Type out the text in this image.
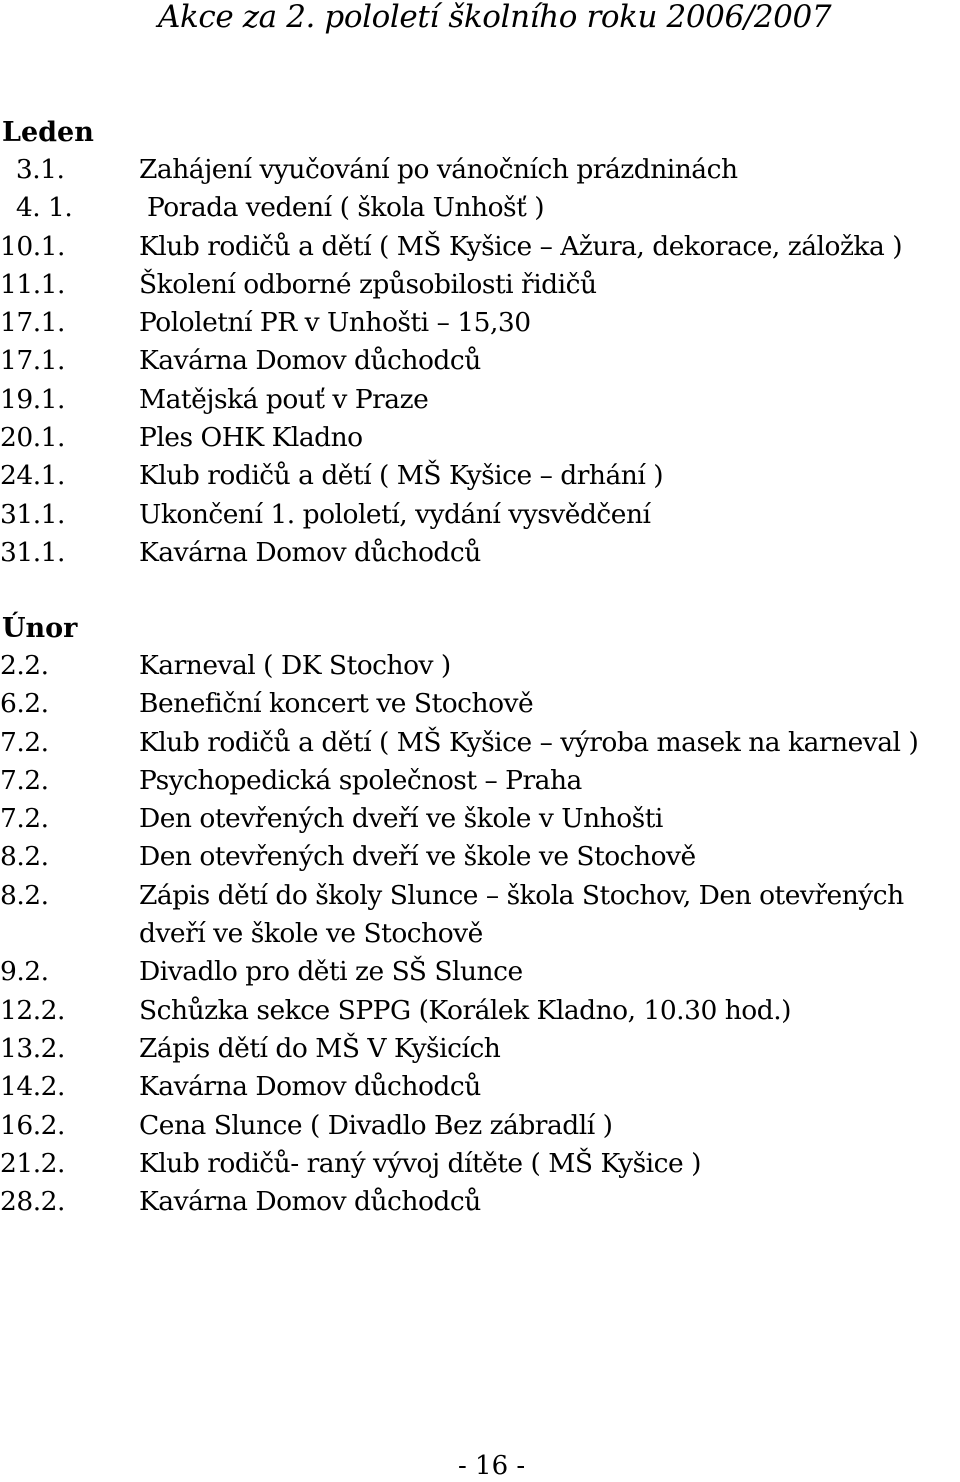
Akce za 2. pololetí školního roku 2006/2007
Leden
3.1.	Zahájení vyučování po vánočních prázdninách
4. 1.	Porada vedení ( škola Unhošť )
10.1.	Klub rodičů a dětí ( MŠ Kyšice – Ažura, dekorace, záložka )
11.1.	Školení odborné způsobilosti řidičů
17.1.	Pololetní PR v Unhošti – 15,30
17.1.	Kavárna Domov důchodců
19.1.	Matějská pouť v Praze
20.1.	Ples OHK Kladno
24.1.	Klub rodičů a dětí ( MŠ Kyšice – drhání )
31.1.	Ukončení 1. pololetí, vydání vysvědčení
31.1.	Kavárna Domov důchodců
Únor
2.2.	Karneval ( DK Stochov )
6.2.	Benefiční koncert ve Stochově
7.2.	Klub rodičů a dětí ( MŠ Kyšice – výroba masek na karneval )
7.2.	Psychopedická společnost – Praha
7.2.	Den otevřených dveří ve škole v Unhošti
8.2.	Den otevřených dveří ve škole ve Stochově
8.2.	Zápis dětí do školy Slunce – škola Stochov, Den otevřených
dveří ve škole ve Stochově
9.2.	Divadlo pro děti ze SŠ Slunce
12.2.	Schůzka sekce SPPG (Korálek Kladno, 10.30 hod.)
13.2.	Zápis dětí do MŠ V Kyšicích
14.2.	Kavárna Domov důchodců
16.2.	Cena Slunce ( Divadlo Bez zábradlí )
21.2.	Klub rodičů- raný vývoj dítěte ( MŠ Kyšice )
28.2.	Kavárna Domov důchodců
- 16 -
